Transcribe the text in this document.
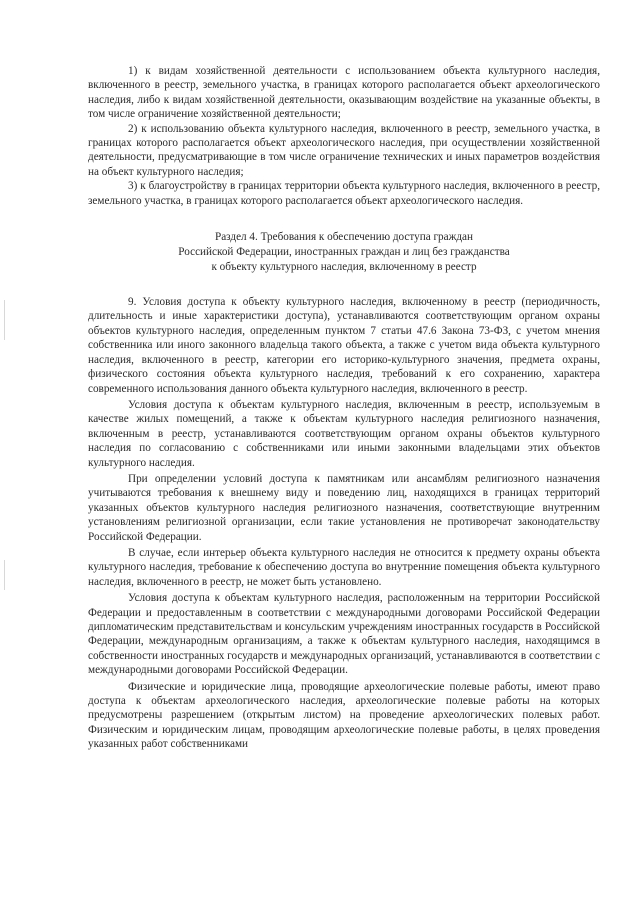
1) к видам хозяйственной деятельности с использованием объекта культурного наследия, включенного в реестр, земельного участка, в границах которого располагается объект археологического наследия, либо к видам хозяйственной деятельности, оказывающим воздействие на указанные объекты, в том числе ограничение хозяйственной деятельности;

2) к использованию объекта культурного наследия, включенного в реестр, земельного участка, в границах которого располагается объект археологического наследия, при осуществлении хозяйственной деятельности, предусматривающие в том числе ограничение технических и иных параметров воздействия на объект культурного наследия;

3) к благоустройству в границах территории объекта культурного наследия, включенного в реестр, земельного участка, в границах которого располагается объект археологического наследия.

Раздел 4. Требования к обеспечению доступа граждан
Российской Федерации, иностранных граждан и лиц без гражданства
к объекту культурного наследия, включенному в реестр

9. Условия доступа к объекту культурного наследия, включенному в реестр (периодичность, длительность и иные характеристики доступа), устанавливаются соответствующим органом охраны объектов культурного наследия, определенным пунктом 7 статьи 47.6 Закона 73-ФЗ, с учетом мнения собственника или иного законного владельца такого объекта, а также с учетом вида объекта культурного наследия, включенного в реестр, категории его историко-культурного значения, предмета охраны, физического состояния объекта культурного наследия, требований к его сохранению, характера современного использования данного объекта культурного наследия, включенного в реестр.

Условия доступа к объектам культурного наследия, включенным в реестр, используемым в качестве жилых помещений, а также к объектам культурного наследия религиозного назначения, включенным в реестр, устанавливаются соответствующим органом охраны объектов культурного наследия по согласованию с собственниками или иными законными владельцами этих объектов культурного наследия.

При определении условий доступа к памятникам или ансамблям религиозного назначения учитываются требования к внешнему виду и поведению лиц, находящихся в границах территорий указанных объектов культурного наследия религиозного назначения, соответствующие внутренним установлениям религиозной организации, если такие установления не противоречат законодательству Российской Федерации.

В случае, если интерьер объекта культурного наследия не относится к предмету охраны объекта культурного наследия, требование к обеспечению доступа во внутренние помещения объекта культурного наследия, включенного в реестр, не может быть установлено.

Условия доступа к объектам культурного наследия, расположенным на территории Российской Федерации и предоставленным в соответствии с международными договорами Российской Федерации дипломатическим представительствам и консульским учреждениям иностранных государств в Российской Федерации, международным организациям, а также к объектам культурного наследия, находящимся в собственности иностранных государств и международных организаций, устанавливаются в соответствии с международными договорами Российской Федерации.

Физические и юридические лица, проводящие археологические полевые работы, имеют право доступа к объектам археологического наследия, археологические полевые работы на которых предусмотрены разрешением (открытым листом) на проведение археологических полевых работ. Физическим и юридическим лицам, проводящим археологические полевые работы, в целях проведения указанных работ собственниками
